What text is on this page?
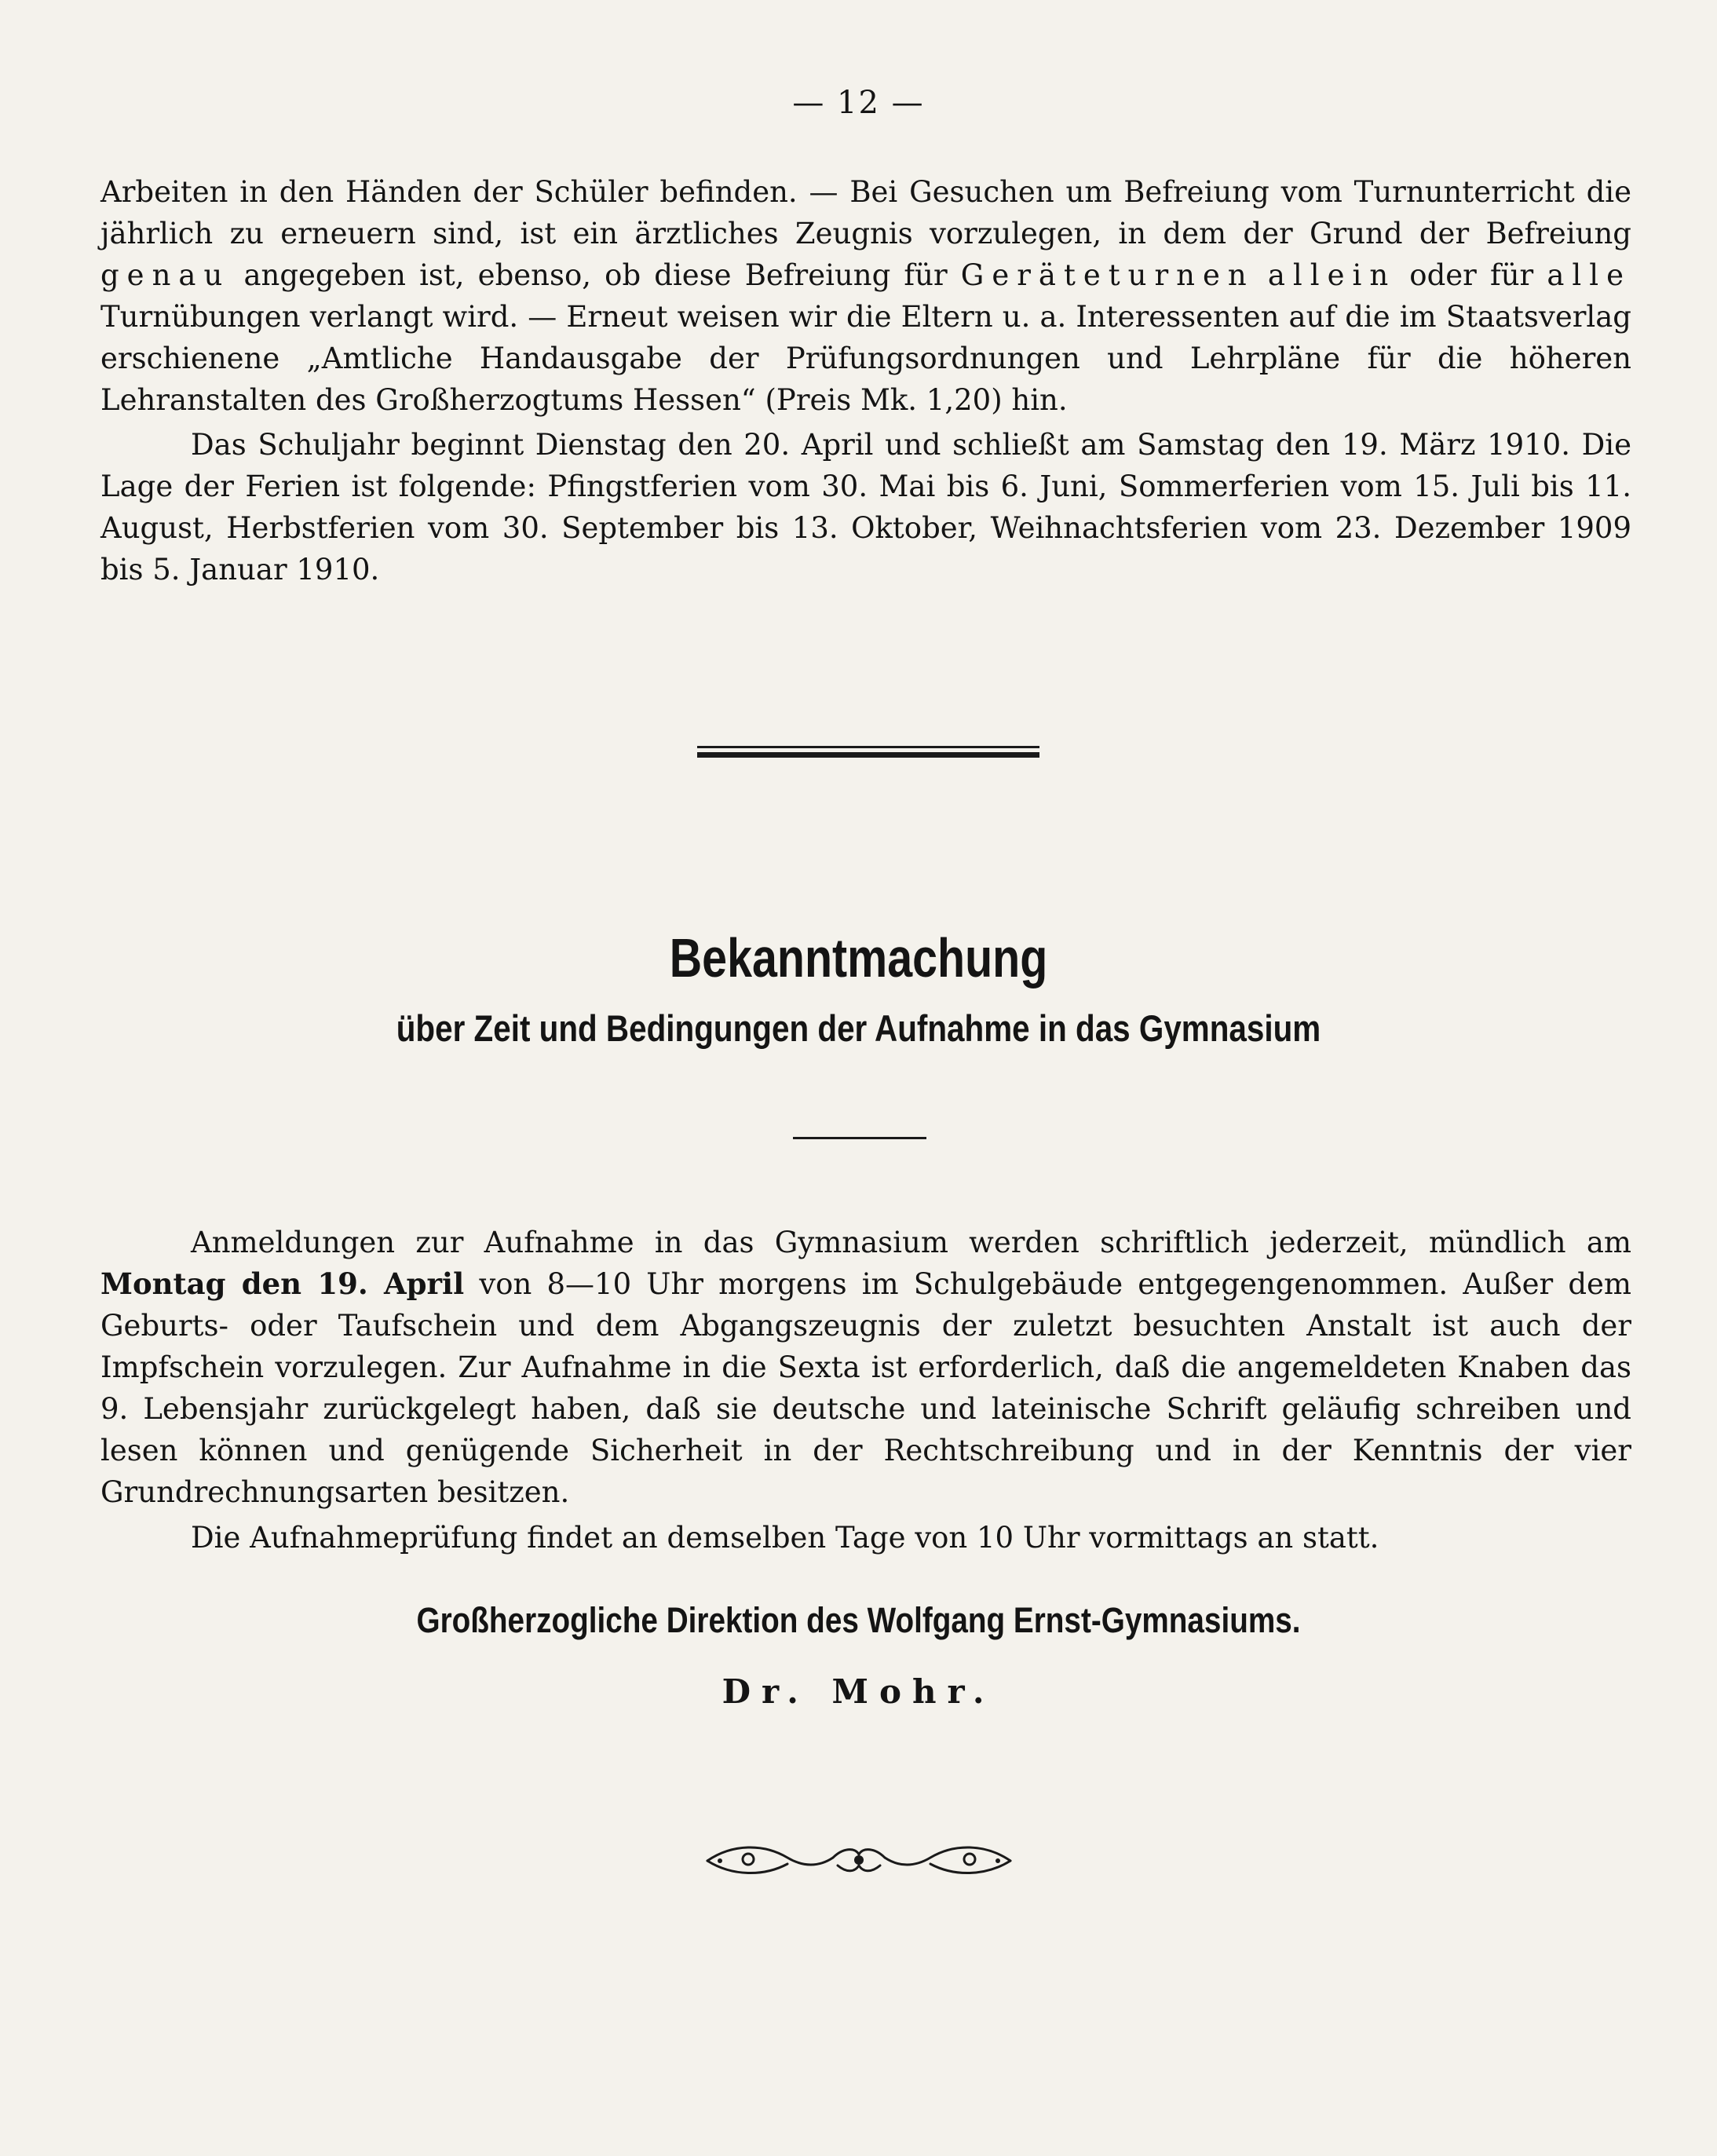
— 12 —

Arbeiten in den Händen der Schüler befinden. — Bei Gesuchen um Befreiung vom Turnunterricht die jährlich zu erneuern sind, ist ein ärztliches Zeugnis vorzulegen, in dem der Grund der Befreiung genau angegeben ist, ebenso, ob diese Befreiung für Geräteturnen allein oder für alle Turnübungen verlangt wird. — Erneut weisen wir die Eltern u. a. Interessenten auf die im Staatsverlag erschienene „Amtliche Handausgabe der Prüfungsordnungen und Lehrpläne für die höheren Lehranstalten des Großherzogtums Hessen“ (Preis Mk. 1,20) hin.

Das Schuljahr beginnt Dienstag den 20. April und schließt am Samstag den 19. März 1910. Die Lage der Ferien ist folgende: Pfingstferien vom 30. Mai bis 6. Juni, Sommerferien vom 15. Juli bis 11. August, Herbstferien vom 30. September bis 13. Oktober, Weihnachtsferien vom 23. Dezember 1909 bis 5. Januar 1910.

Bekanntmachung
über Zeit und Bedingungen der Aufnahme in das Gymnasium

Anmeldungen zur Aufnahme in das Gymnasium werden schriftlich jederzeit, mündlich am Montag den 19. April von 8—10 Uhr morgens im Schulgebäude entgegengenommen. Außer dem Geburts- oder Taufschein und dem Abgangszeugnis der zuletzt besuchten Anstalt ist auch der Impfschein vorzulegen. Zur Aufnahme in die Sexta ist erforderlich, daß die angemeldeten Knaben das 9. Lebensjahr zurückgelegt haben, daß sie deutsche und lateinische Schrift geläufig schreiben und lesen können und genügende Sicherheit in der Rechtschreibung und in der Kenntnis der vier Grundrechnungsarten besitzen.

Die Aufnahmeprüfung findet an demselben Tage von 10 Uhr vormittags an statt.

Großherzogliche Direktion des Wolfgang Ernst-Gymnasiums.
Dr. Mohr.
